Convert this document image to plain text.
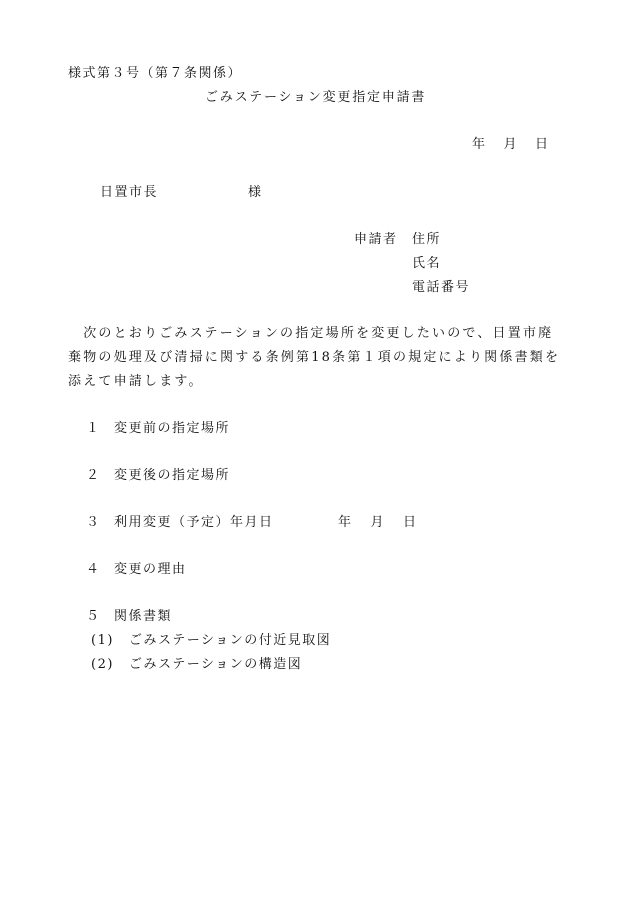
様式第３号（第７条関係）
ごみステーション変更指定申請書
年 月 日
日置市長	様
申請者 住所
氏名
電話番号
　次のとおりごみステーションの指定場所を変更したいので、日置市廃
棄物の処理及び清掃に関する条例第18条第１項の規定により関係書類を
添えて申請します。
１ 変更前の指定場所
２ 変更後の指定場所
３ 利用変更（予定）年月日	年 月 日
４ 変更の理由
５ 関係書類
(1) ごみステーションの付近見取図
(2) ごみステーションの構造図
